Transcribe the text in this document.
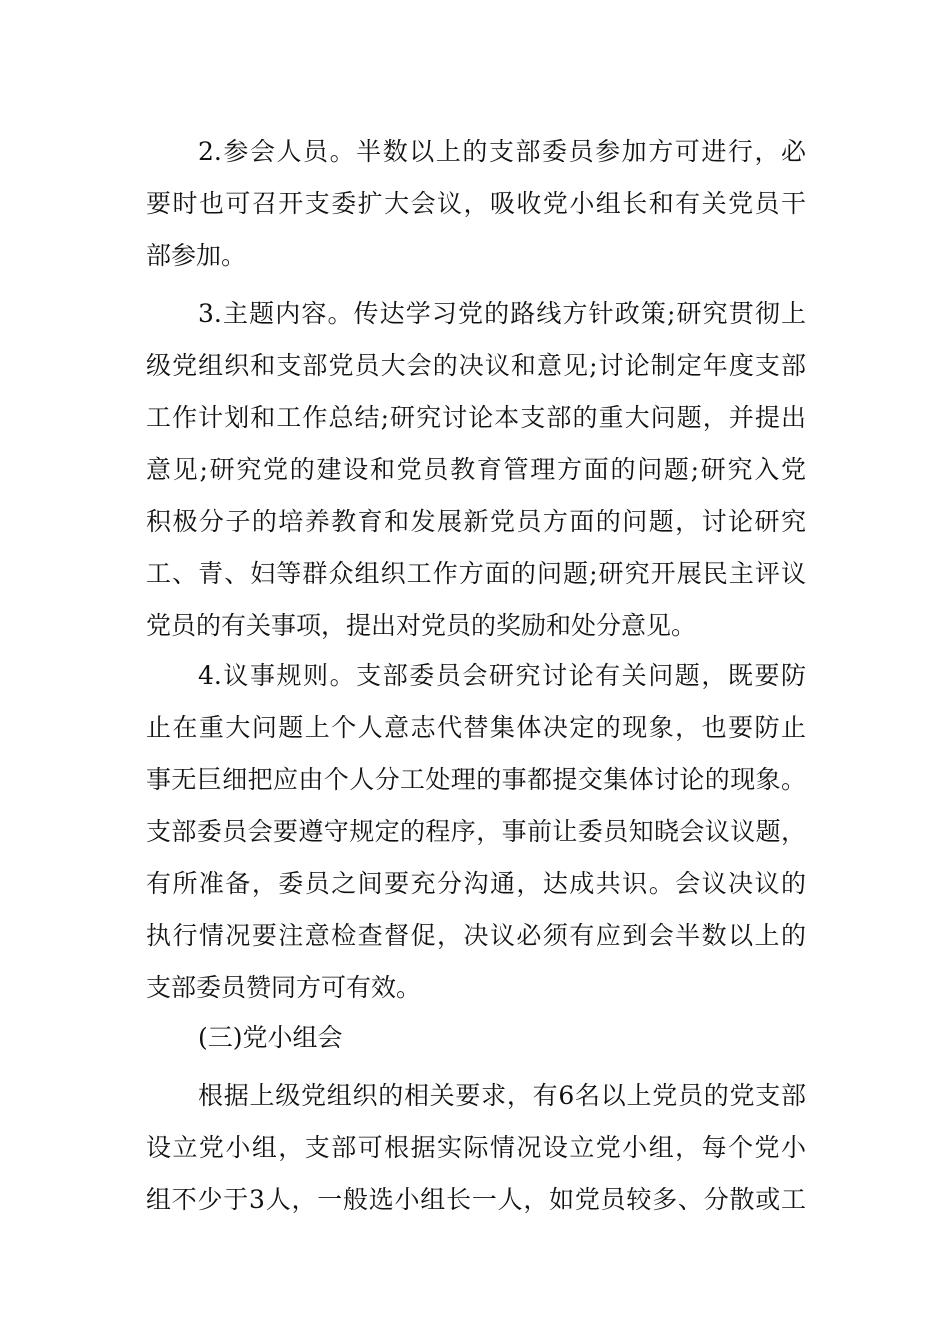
2.参会人员。半数以上的支部委员参加方可进行，必
要时也可召开支委扩大会议，吸收党小组长和有关党员干
部参加。
3.主题内容。传达学习党的路线方针政策;研究贯彻上
级党组织和支部党员大会的决议和意见;讨论制定年度支部
工作计划和工作总结;研究讨论本支部的重大问题，并提出
意见;研究党的建设和党员教育管理方面的问题;研究入党
积极分子的培养教育和发展新党员方面的问题，讨论研究
工、青、妇等群众组织工作方面的问题;研究开展民主评议
党员的有关事项，提出对党员的奖励和处分意见。
4.议事规则。支部委员会研究讨论有关问题，既要防
止在重大问题上个人意志代替集体决定的现象，也要防止
事无巨细把应由个人分工处理的事都提交集体讨论的现象。
支部委员会要遵守规定的程序，事前让委员知晓会议议题，
有所准备，委员之间要充分沟通，达成共识。会议决议的
执行情况要注意检查督促，决议必须有应到会半数以上的
支部委员赞同方可有效。
(三)党小组会
根据上级党组织的相关要求，有6名以上党员的党支部
设立党小组，支部可根据实际情况设立党小组，每个党小
组不少于3人，一般选小组长一人，如党员较多、分散或工
